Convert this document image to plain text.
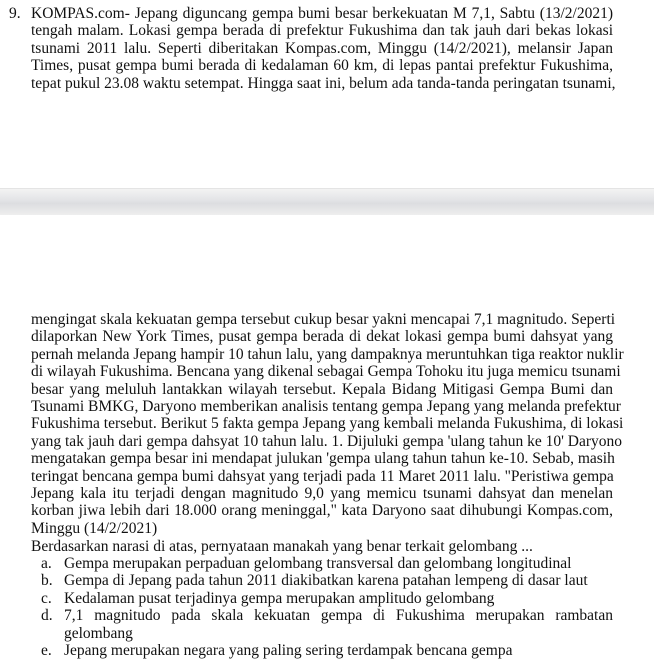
9. KOMPAS.com- Jepang diguncang gempa bumi besar berkekuatan M 7,1, Sabtu (13/2/2021)
tengah malam. Lokasi gempa berada di prefektur Fukushima dan tak jauh dari bekas lokasi
tsunami 2011 lalu. Seperti diberitakan Kompas.com, Minggu (14/2/2021), melansir Japan
Times, pusat gempa bumi berada di kedalaman 60 km, di lepas pantai prefektur Fukushima,
tepat pukul 23.08 waktu setempat. Hingga saat ini, belum ada tanda-tanda peringatan tsunami,
mengingat skala kekuatan gempa tersebut cukup besar yakni mencapai 7,1 magnitudo. Seperti
dilaporkan New York Times, pusat gempa berada di dekat lokasi gempa bumi dahsyat yang
pernah melanda Jepang hampir 10 tahun lalu, yang dampaknya meruntuhkan tiga reaktor nuklir
di wilayah Fukushima. Bencana yang dikenal sebagai Gempa Tohoku itu juga memicu tsunami
besar yang meluluh lantakkan wilayah tersebut. Kepala Bidang Mitigasi Gempa Bumi dan
Tsunami BMKG, Daryono memberikan analisis tentang gempa Jepang yang melanda prefektur
Fukushima tersebut. Berikut 5 fakta gempa Jepang yang kembali melanda Fukushima, di lokasi
yang tak jauh dari gempa dahsyat 10 tahun lalu. 1. Dijuluki gempa 'ulang tahun ke 10' Daryono
mengatakan gempa besar ini mendapat julukan 'gempa ulang tahun tahun ke-10. Sebab, masih
teringat bencana gempa bumi dahsyat yang terjadi pada 11 Maret 2011 lalu. "Peristiwa gempa
Jepang kala itu terjadi dengan magnitudo 9,0 yang memicu tsunami dahsyat dan menelan
korban jiwa lebih dari 18.000 orang meninggal," kata Daryono saat dihubungi Kompas.com,
Minggu (14/2/2021)
Berdasarkan narasi di atas, pernyataan manakah yang benar terkait gelombang ...
a. Gempa merupakan perpaduan gelombang transversal dan gelombang longitudinal
b. Gempa di Jepang pada tahun 2011 diakibatkan karena patahan lempeng di dasar laut
c. Kedalaman pusat terjadinya gempa merupakan amplitudo gelombang
d. 7,1 magnitudo pada skala kekuatan gempa di Fukushima merupakan rambatan gelombang
e. Jepang merupakan negara yang paling sering terdampak bencana gempa
